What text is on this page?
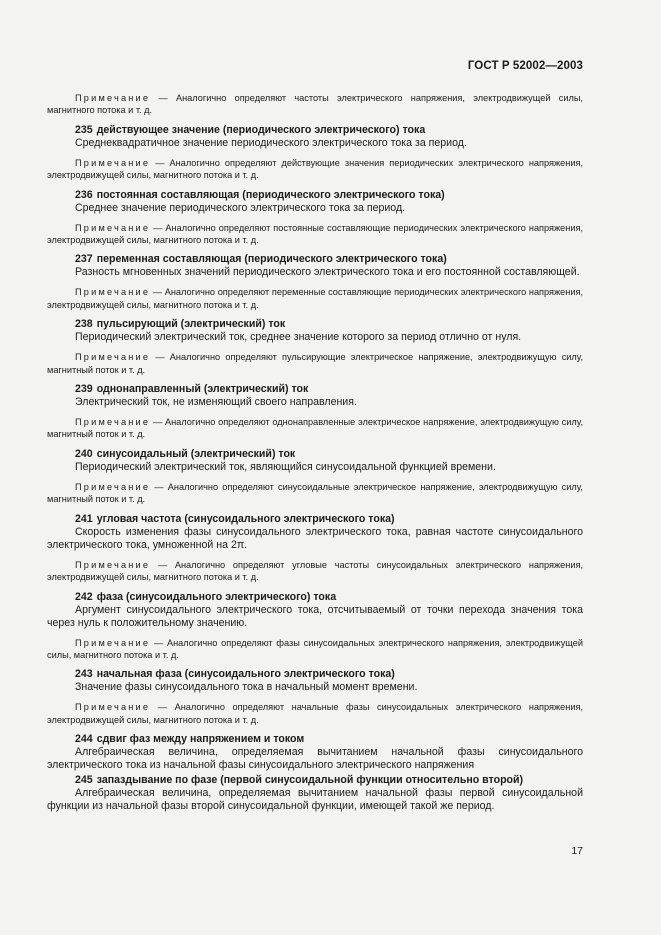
ГОСТ Р 52002—2003
Примечание — Аналогично определяют частоты электрического напряжения, электродвижущей силы, магнитного потока и т. д.
235 действующее значение (периодического электрического) тока
Среднеквадратичное значение периодического электрического тока за период.
Примечание — Аналогично определяют действующие значения периодических электрического напряжения, электродвижущей силы, магнитного потока и т. д.
236 постоянная составляющая (периодического электрического тока)
Среднее значение периодического электрического тока за период.
Примечание — Аналогично определяют постоянные составляющие периодических электрического напряжения, электродвижущей силы, магнитного потока и т. д.
237 переменная составляющая (периодического электрического тока)
Разность мгновенных значений периодического электрического тока и его постоянной составляющей.
Примечание — Аналогично определяют переменные составляющие периодических электрического напряжения, электродвижущей силы, магнитного потока и т. д.
238 пульсирующий (электрический) ток
Периодический электрический ток, среднее значение которого за период отлично от нуля.
Примечание — Аналогично определяют пульсирующие электрическое напряжение, электродвижущую силу, магнитный поток и т. д.
239 однонаправленный (электрический) ток
Электрический ток, не изменяющий своего направления.
Примечание — Аналогично определяют однонаправленные электрическое напряжение, электродвижущую силу, магнитный поток и т. д.
240 синусоидальный (электрический) ток
Периодический электрический ток, являющийся синусоидальной функцией времени.
Примечание — Аналогично определяют синусоидальные электрическое напряжение, электродвижущую силу, магнитный поток и т. д.
241 угловая частота (синусоидального электрического тока)
Скорость изменения фазы синусоидального электрического тока, равная частоте синусоидального электрического тока, умноженной на 2π.
Примечание — Аналогично определяют угловые частоты синусоидальных электрического напряжения, электродвижущей силы, магнитного потока и т. д.
242 фаза (синусоидального электрического) тока
Аргумент синусоидального электрического тока, отсчитываемый от точки перехода значения тока через нуль к положительному значению.
Примечание — Аналогично определяют фазы синусоидальных электрического напряжения, электродвижущей силы, магнитного потока и т. д.
243 начальная фаза (синусоидального электрического тока)
Значение фазы синусоидального тока в начальный момент времени.
Примечание — Аналогично определяют начальные фазы синусоидальных электрического напряжения, электродвижущей силы, магнитного потока и т. д.
244 сдвиг фаз между напряжением и током
Алгебраическая величина, определяемая вычитанием начальной фазы синусоидального электрического тока из начальной фазы синусоидального электрического напряжения
245 запаздывание по фазе (первой синусоидальной функции относительно второй)
Алгебраическая величина, определяемая вычитанием начальной фазы первой синусоидальной функции из начальной фазы второй синусоидальной функции, имеющей такой же период.
17
